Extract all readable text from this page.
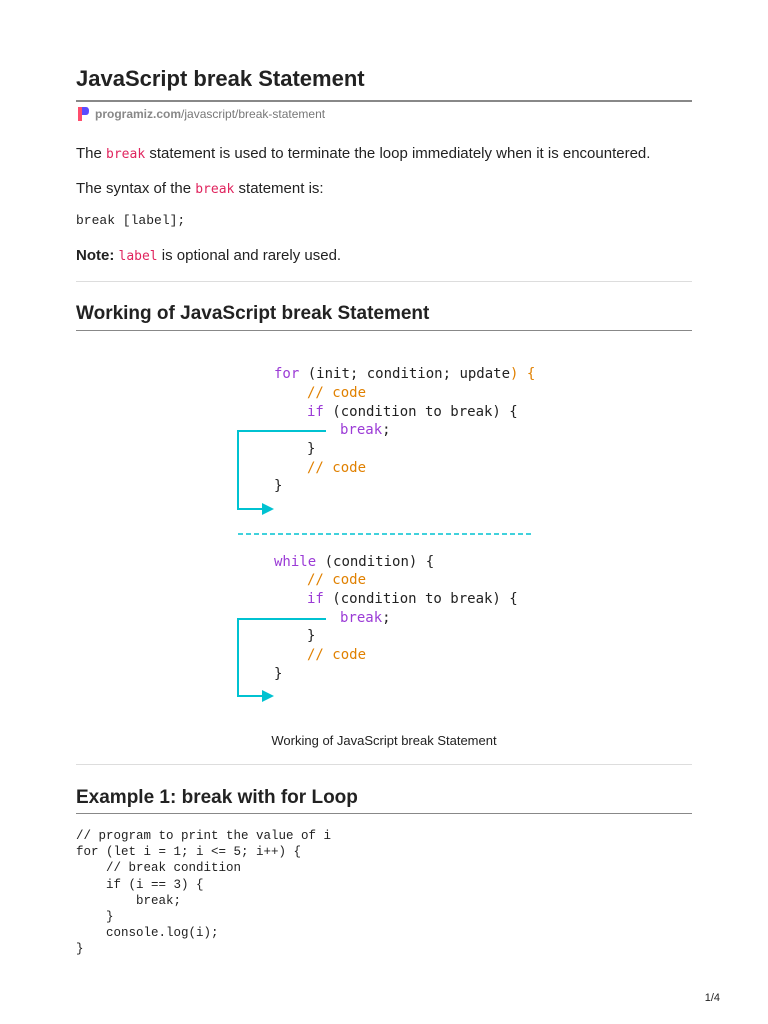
JavaScript break Statement
programiz.com /javascript/break-statement

The break statement is used to terminate the loop immediately when it is encountered.

The syntax of the break statement is:

break [label];

Note: label is optional and rarely used.

Working of JavaScript break Statement
for (init; condition; update) {
// code
if (condition to break) {
break;
}
// code
}
while (condition) {
// code
if (condition to break) {
break;
}
// code
}
Working of JavaScript break Statement
Example 1: break with for Loop
// program to print the value of i
for (let i = 1; i <= 5; i++) {
// break condition
if (i == 3) {
break;
}
console.log(i);
}
1/4
